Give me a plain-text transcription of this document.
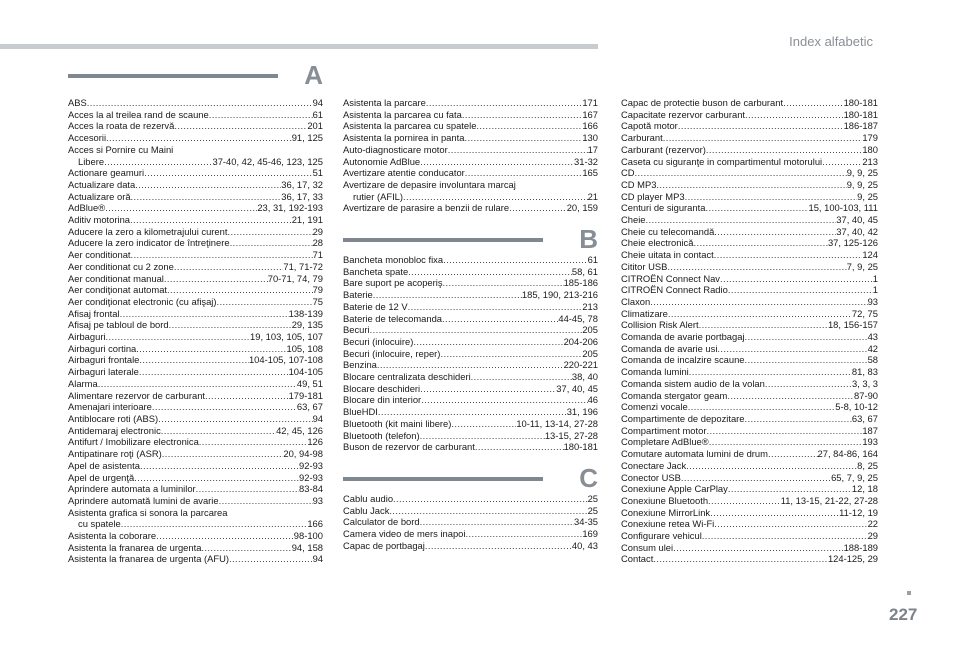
Index alfabetic
A
ABS .....	94
Acces la al treilea rand de scaune .....	61
Acces la roata de rezervă .....	201
Accesorii .....	91, 125
Acces si Pornire cu Maini
Libere .....	37-40, 42, 45-46, 123, 125
Actionare geamuri .....	51
Actualizare data .....	36, 17, 32
Actualizare oră .....	36, 17, 33
AdBlue® .....	23, 31, 192-193
Aditiv motorina .....	21, 191
Aducere la zero a kilometrajului curent .....	29
Aducere la zero indicator de întreţinere .....	28
Aer conditionat .....	71
Aer conditionat cu 2 zone .....	71, 71-72
Aer conditionat manual .....	70-71, 74, 79
Aer condiţionat automat .....	79
Aer condiţionat electronic (cu afişaj) .....	75
Afisaj frontal .....	138-139
Afisaj pe tabloul de bord .....	29, 135
Airbaguri .....	19, 103, 105, 107
Airbaguri cortina .....	105, 108
Airbaguri frontale .....	104-105, 107-108
Airbaguri laterale .....	104-105
Alarma .....	49, 51
Alimentare rezervor de carburant .....	179-181
Amenajari interioare .....	63, 67
Antiblocare roti (ABS) .....	94
Antidemaraj electronic .....	42, 45, 126
Antifurt / Imobilizare electronica .....	126
Antipatinare roţi (ASR) .....	20, 94-98
Apel de asistenta .....	92-93
Apel de urgenţă .....	92-93
Aprindere automata a luminilor .....	83-84
Aprindere automată lumini de avarie .....	93
Asistenta grafica si sonora la parcarea
cu spatele .....	166
Asistenta la coborare .....	98-100
Asistenta la franarea de urgenta .....	94, 158
Asistenta la franarea de urgenta (AFU) .....	94
Asistenta la parcare .....	171
Asistenta la parcarea cu fata .....	167
Asistenta la parcarea cu spatele .....	166
Asistenta la pornirea in panta .....	130
Auto-diagnosticare motor .....	17
Autonomie AdBlue .....	31-32
Avertizare atentie conducator .....	165
Avertizare de depasire involuntara marcaj
rutier (AFIL) .....	21
Avertizare de parasire a benzii de rulare .....	20, 159
B
Bancheta monobloc fixa .....	61
Bancheta spate .....	58, 61
Bare suport pe acoperiş .....	185-186
Baterie .....	185, 190, 213-216
Baterie de 12 V .....	213
Baterie de telecomanda .....	44-45, 78
Becuri .....	205
Becuri (inlocuire) .....	204-206
Becuri (inlocuire, reper) .....	205
Benzina .....	220-221
Blocare centralizata deschideri .....	38, 40
Blocare deschideri .....	37, 40, 45
Blocare din interior .....	46
BlueHDI .....	31, 196
Bluetooth (kit maini libere) .....	10-11, 13-14, 27-28
Bluetooth (telefon) .....	13-15, 27-28
Buson de rezervor de carburant .....	180-181
C
Cablu audio .....	25
Cablu Jack .....	25
Calculator de bord .....	34-35
Camera video de mers inapoi .....	169
Capac de portbagaj .....	40, 43
Capac de protectie buson de carburant .....	180-181
Capacitate rezervor carburant .....	180-181
Capotă motor .....	186-187
Carburant .....	179
Carburant (rezervor) .....	180
Caseta cu siguranţe in compartimentul motorului .....	213
CD .....	9, 9, 25
CD MP3 .....	9, 9, 25
CD player MP3 .....	9, 25
Centuri de siguranta .....	15, 100-103, 111
Cheie .....	37, 40, 45
Cheie cu telecomandă .....	37, 40, 42
Cheie electronică .....	37, 125-126
Cheie uitata in contact .....	124
Cititor USB .....	7, 9, 25
CITROËN Connect Nav .....	1
CITROËN Connect Radio .....	1
Claxon .....	93
Climatizare .....	72, 75
Collision Risk Alert .....	18, 156-157
Comanda de avarie portbagaj .....	43
Comanda de avarie usi .....	42
Comanda de incalzire scaune .....	58
Comanda lumini .....	81, 83
Comanda sistem audio de la volan .....	3, 3, 3
Comanda stergator geam .....	87-90
Comenzi vocale .....	5-8, 10-12
Compartimente de depozitare .....	63, 67
Compartiment motor .....	187
Completare AdBlue® .....	193
Comutare automata lumini de drum .....	27, 84-86, 164
Conectare Jack .....	8, 25
Conector USB .....	65, 7, 9, 25
Conexiune Apple CarPlay .....	12, 18
Conexiune Bluetooth .....	11, 13-15, 21-22, 27-28
Conexiune MirrorLink .....	11-12, 19
Conexiune retea Wi-Fi .....	22
Configurare vehicul .....	29
Consum ulei .....	188-189
Contact .....	124-125, 29
227
